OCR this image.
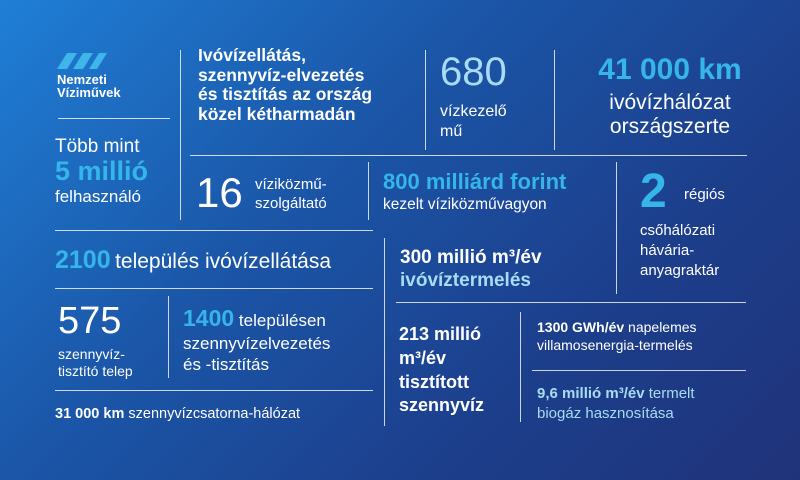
Nemzeti
Víziművek
Több mint
5 millió
felhasználó
Ivóvízellátás,
szennyvíz-elvezetés
és tisztítás az ország
közel kétharmadán
680
vízkezelő
mű
41 000 km
ivóvízhálózat
országszerte
16 víziközmű-
szolgáltató
800 milliárd forint
kezelt víziközművagyon	2 régiós
csőhálózati
hávária-
anyagraktár
2100 település ivóvízellátása	300 millió m³/év
ivóvíztermelés
575
szennyvíz-
tisztító telep
1400 településen
szennyvízelvezetés
és -tisztítás
213 millió
m³/év
tisztított
szennyvíz
1300 GWh/év napelemes
villamosenergia-termelés
9,6 millió m³/év termelt
biogáz hasznosítása
31 000 km szennyvízcsatorna-hálózat
